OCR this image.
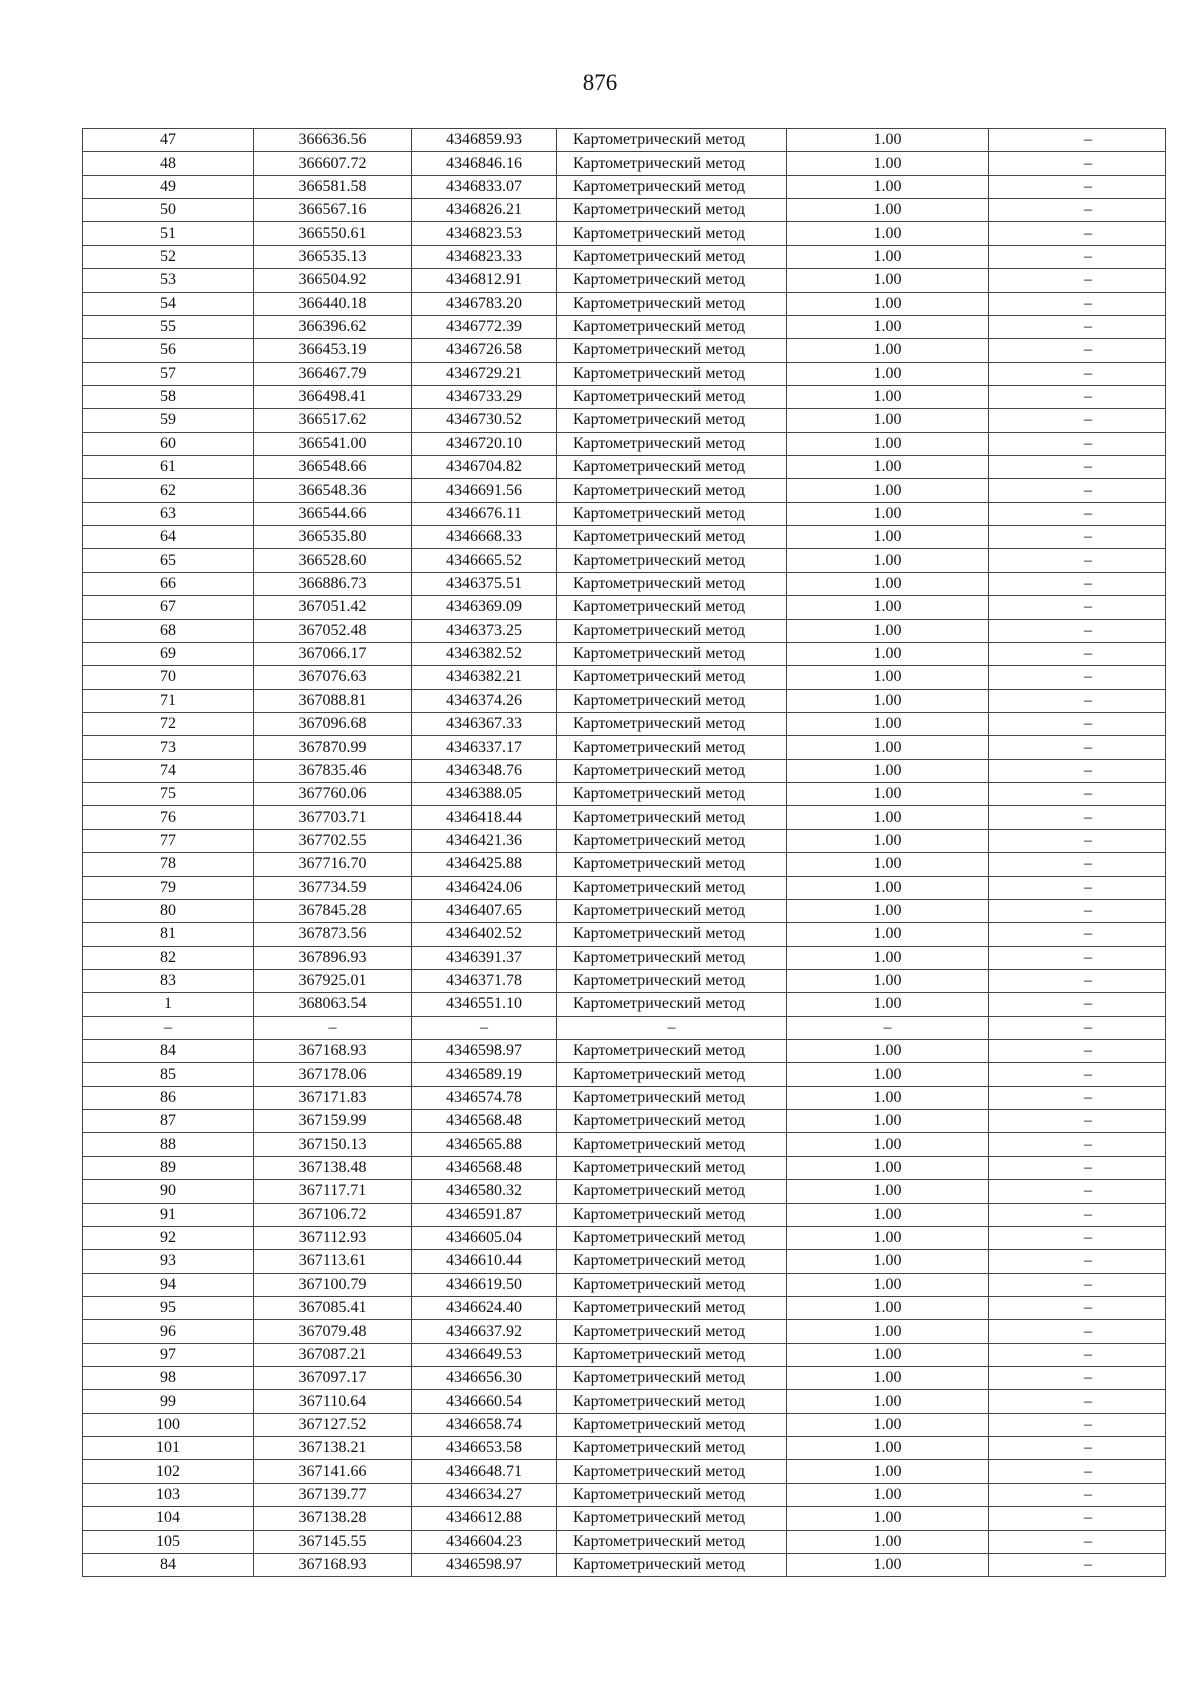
876
47	366636.56	4346859.93	Картометрический метод	1.00	–
48	366607.72	4346846.16	Картометрический метод	1.00	–
49	366581.58	4346833.07	Картометрический метод	1.00	–
50	366567.16	4346826.21	Картометрический метод	1.00	–
51	366550.61	4346823.53	Картометрический метод	1.00	–
52	366535.13	4346823.33	Картометрический метод	1.00	–
53	366504.92	4346812.91	Картометрический метод	1.00	–
54	366440.18	4346783.20	Картометрический метод	1.00	–
55	366396.62	4346772.39	Картометрический метод	1.00	–
56	366453.19	4346726.58	Картометрический метод	1.00	–
57	366467.79	4346729.21	Картометрический метод	1.00	–
58	366498.41	4346733.29	Картометрический метод	1.00	–
59	366517.62	4346730.52	Картометрический метод	1.00	–
60	366541.00	4346720.10	Картометрический метод	1.00	–
61	366548.66	4346704.82	Картометрический метод	1.00	–
62	366548.36	4346691.56	Картометрический метод	1.00	–
63	366544.66	4346676.11	Картометрический метод	1.00	–
64	366535.80	4346668.33	Картометрический метод	1.00	–
65	366528.60	4346665.52	Картометрический метод	1.00	–
66	366886.73	4346375.51	Картометрический метод	1.00	–
67	367051.42	4346369.09	Картометрический метод	1.00	–
68	367052.48	4346373.25	Картометрический метод	1.00	–
69	367066.17	4346382.52	Картометрический метод	1.00	–
70	367076.63	4346382.21	Картометрический метод	1.00	–
71	367088.81	4346374.26	Картометрический метод	1.00	–
72	367096.68	4346367.33	Картометрический метод	1.00	–
73	367870.99	4346337.17	Картометрический метод	1.00	–
74	367835.46	4346348.76	Картометрический метод	1.00	–
75	367760.06	4346388.05	Картометрический метод	1.00	–
76	367703.71	4346418.44	Картометрический метод	1.00	–
77	367702.55	4346421.36	Картометрический метод	1.00	–
78	367716.70	4346425.88	Картометрический метод	1.00	–
79	367734.59	4346424.06	Картометрический метод	1.00	–
80	367845.28	4346407.65	Картометрический метод	1.00	–
81	367873.56	4346402.52	Картометрический метод	1.00	–
82	367896.93	4346391.37	Картометрический метод	1.00	–
83	367925.01	4346371.78	Картометрический метод	1.00	–
1	368063.54	4346551.10	Картометрический метод	1.00	–
–	–	–	–	–	–
84	367168.93	4346598.97	Картометрический метод	1.00	–
85	367178.06	4346589.19	Картометрический метод	1.00	–
86	367171.83	4346574.78	Картометрический метод	1.00	–
87	367159.99	4346568.48	Картометрический метод	1.00	–
88	367150.13	4346565.88	Картометрический метод	1.00	–
89	367138.48	4346568.48	Картометрический метод	1.00	–
90	367117.71	4346580.32	Картометрический метод	1.00	–
91	367106.72	4346591.87	Картометрический метод	1.00	–
92	367112.93	4346605.04	Картометрический метод	1.00	–
93	367113.61	4346610.44	Картометрический метод	1.00	–
94	367100.79	4346619.50	Картометрический метод	1.00	–
95	367085.41	4346624.40	Картометрический метод	1.00	–
96	367079.48	4346637.92	Картометрический метод	1.00	–
97	367087.21	4346649.53	Картометрический метод	1.00	–
98	367097.17	4346656.30	Картометрический метод	1.00	–
99	367110.64	4346660.54	Картометрический метод	1.00	–
100	367127.52	4346658.74	Картометрический метод	1.00	–
101	367138.21	4346653.58	Картометрический метод	1.00	–
102	367141.66	4346648.71	Картометрический метод	1.00	–
103	367139.77	4346634.27	Картометрический метод	1.00	–
104	367138.28	4346612.88	Картометрический метод	1.00	–
105	367145.55	4346604.23	Картометрический метод	1.00	–
84	367168.93	4346598.97	Картометрический метод	1.00	–
